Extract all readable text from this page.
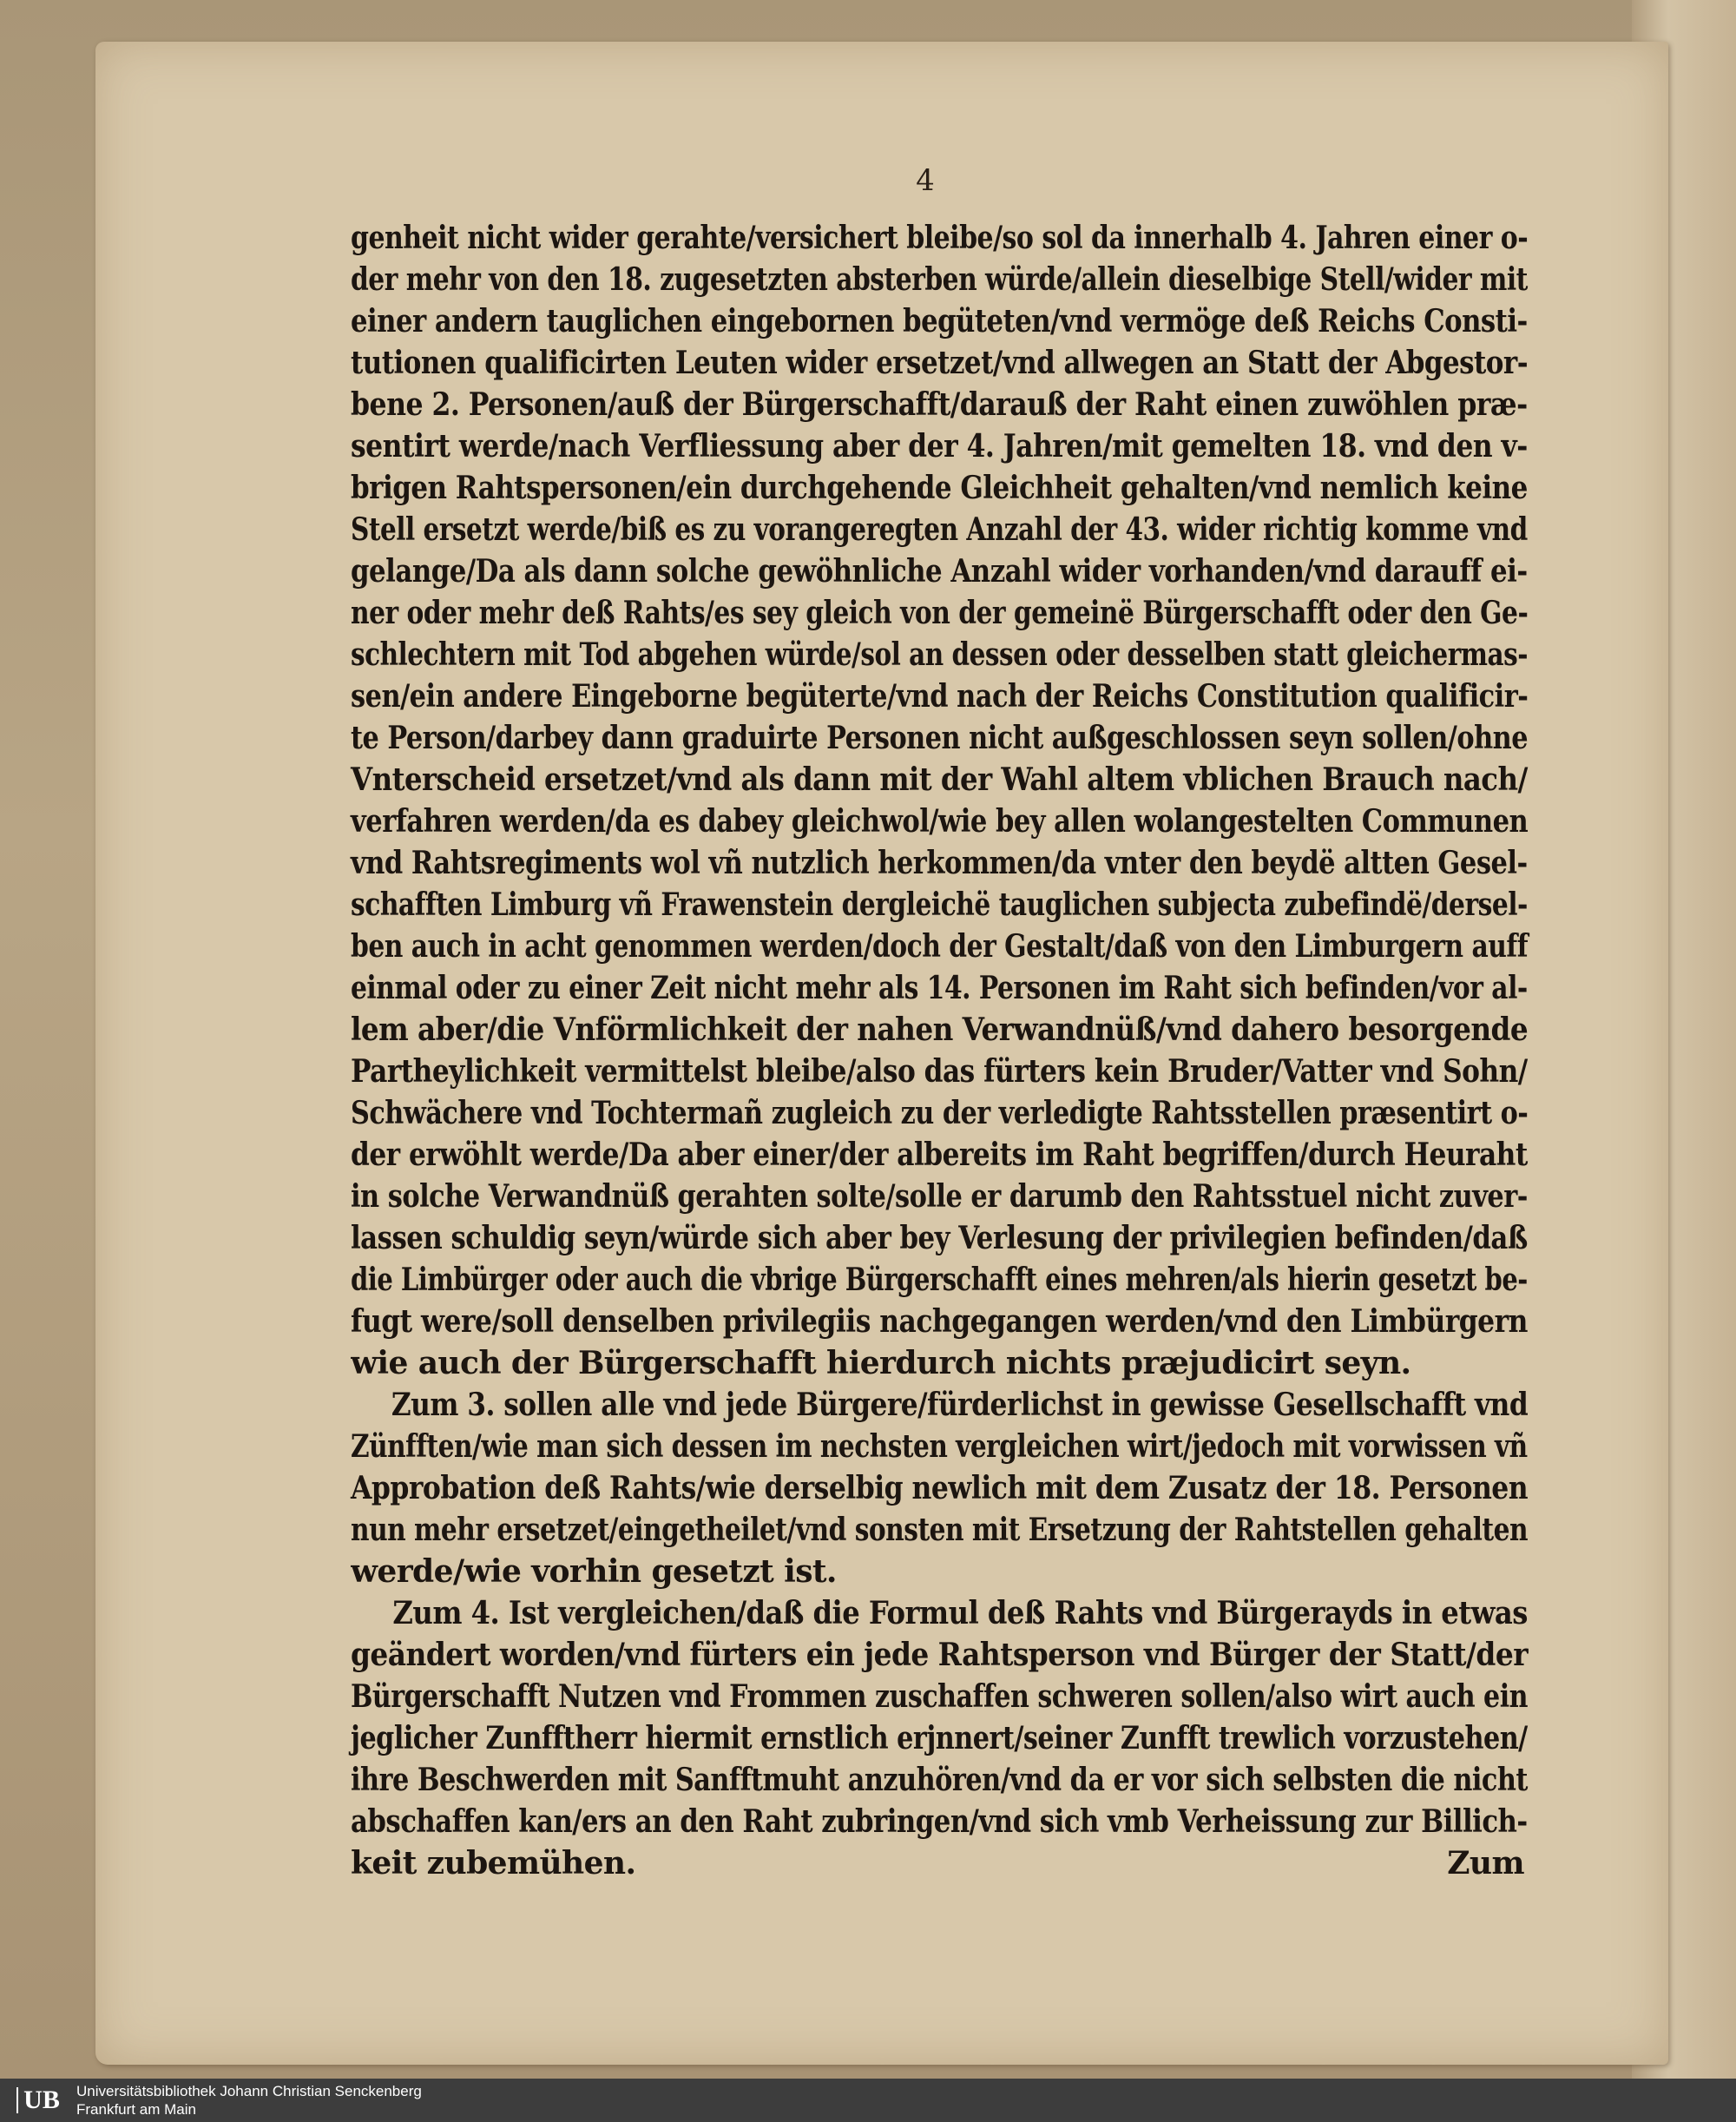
4
genheit nicht wider gerahte/versichert bleibe/so sol da innerhalb 4. Jahren einer o-
der mehr von den 18. zugesetzten absterben würde/allein dieselbige Stell/wider mit
einer andern tauglichen eingebornen begüteten/vnd vermöge deß Reichs Consti-
tutionen qualificirten Leuten wider ersetzet/vnd allwegen an Statt der Abgestor-
bene 2. Personen/auß der Bürgerschafft/darauß der Raht einen zuwöhlen præ-
sentirt werde/nach Verfliessung aber der 4. Jahren/mit gemelten 18. vnd den v-
brigen Rahtspersonen/ein durchgehende Gleichheit gehalten/vnd nemlich keine
Stell ersetzt werde/biß es zu vorangeregten Anzahl der 43. wider richtig komme vnd
gelange/Da als dann solche gewöhnliche Anzahl wider vorhanden/vnd darauff ei-
ner oder mehr deß Rahts/es sey gleich von der gemeinë Bürgerschafft oder den Ge-
schlechtern mit Tod abgehen würde/sol an dessen oder desselben statt gleichermas-
sen/ein andere Eingeborne begüterte/vnd nach der Reichs Constitution qualificir-
te Person/darbey dann graduirte Personen nicht außgeschlossen seyn sollen/ohne
Vnterscheid ersetzet/vnd als dann mit der Wahl altem vblichen Brauch nach/
verfahren werden/da es dabey gleichwol/wie bey allen wolangestelten Communen
vnd Rahtsregiments wol vñ nutzlich herkommen/da vnter den beydë altten Gesel-
schafften Limburg vñ Frawenstein dergleichë tauglichen subjecta zubefindë/dersel-
ben auch in acht genommen werden/doch der Gestalt/daß von den Limburgern auff
einmal oder zu einer Zeit nicht mehr als 14. Personen im Raht sich befinden/vor al-
lem aber/die Vnförmlichkeit der nahen Verwandnüß/vnd dahero besorgende
Partheylichkeit vermittelst bleibe/also das fürters kein Bruder/Vatter vnd Sohn/
Schwächere vnd Tochtermañ zugleich zu der verledigte Rahtsstellen præsentirt o-
der erwöhlt werde/Da aber einer/der albereits im Raht begriffen/durch Heuraht
in solche Verwandnüß gerahten solte/solle er darumb den Rahtsstuel nicht zuver-
lassen schuldig seyn/würde sich aber bey Verlesung der privilegien befinden/daß
die Limbürger oder auch die vbrige Bürgerschafft eines mehren/als hierin gesetzt be-
fugt were/soll denselben privilegiis nachgegangen werden/vnd den Limbürgern
wie auch der Bürgerschafft hierdurch nichts præjudicirt seyn.
Zum 3. sollen alle vnd jede Bürgere/fürderlichst in gewisse Gesellschafft vnd
Zünfften/wie man sich dessen im nechsten vergleichen wirt/jedoch mit vorwissen vñ
Approbation deß Rahts/wie derselbig newlich mit dem Zusatz der 18. Personen
nun mehr ersetzet/eingetheilet/vnd sonsten mit Ersetzung der Rahtstellen gehalten
werde/wie vorhin gesetzt ist.
Zum 4. Ist vergleichen/daß die Formul deß Rahts vnd Bürgerayds in etwas
geändert worden/vnd fürters ein jede Rahtsperson vnd Bürger der Statt/der
Bürgerschafft Nutzen vnd Frommen zuschaffen schweren sollen/also wirt auch ein
jeglicher Zunfftherr hiermit ernstlich erjnnert/seiner Zunfft trewlich vorzustehen/
ihre Beschwerden mit Sanfftmuht anzuhören/vnd da er vor sich selbsten die nicht
abschaffen kan/ers an den Raht zubringen/vnd sich vmb Verheissung zur Billich-
keit zubemühen.	Zum
UB Universitätsbibliothek Johann Christian Senckenberg
Frankfurt am Main
